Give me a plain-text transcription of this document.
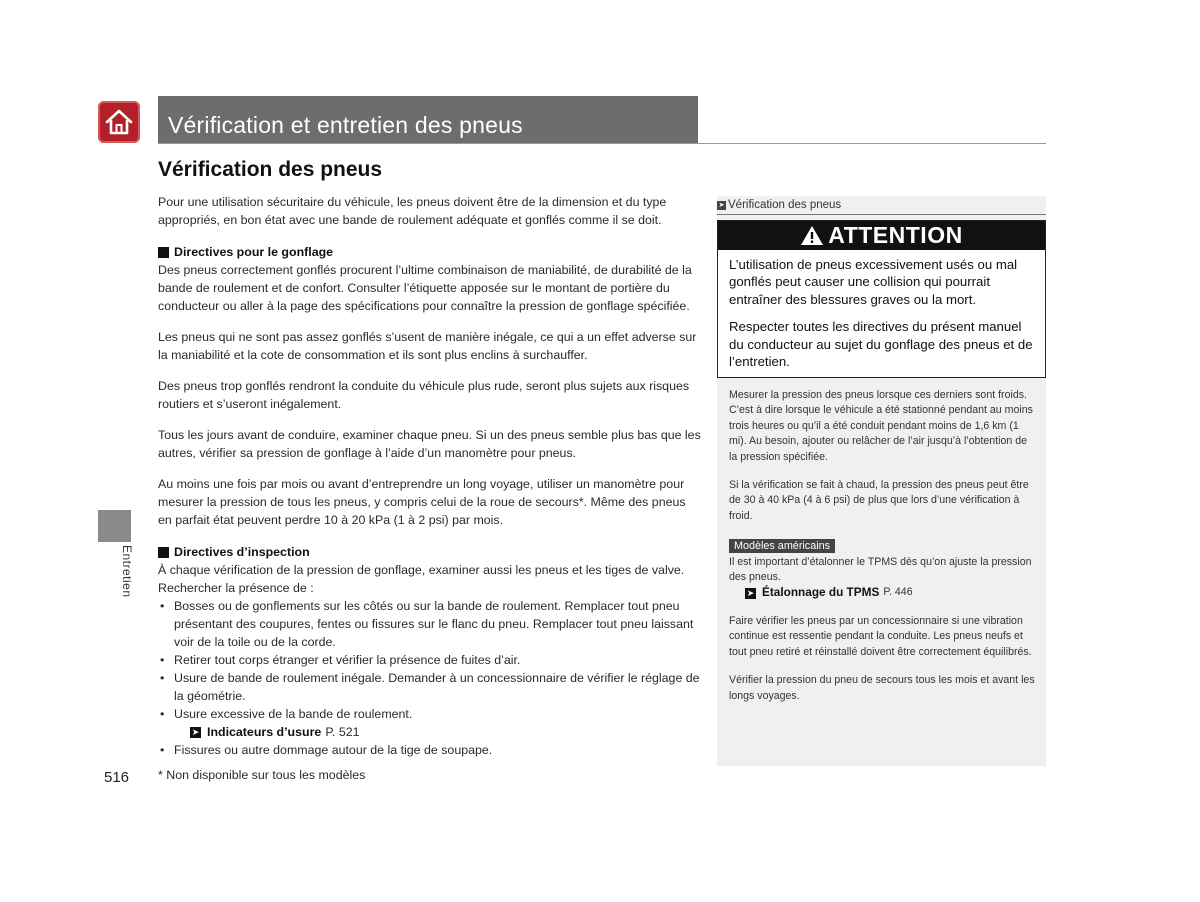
Vérification et entretien des pneus
Vérification des pneus

Pour une utilisation sécuritaire du véhicule, les pneus doivent être de la dimension et du type appropriés, en bon état avec une bande de roulement adéquate et gonflés comme il se doit.

Directives pour le gonflage

Des pneus correctement gonflés procurent l’ultime combinaison de maniabilité, de durabilité de la bande de roulement et de confort. Consulter l’étiquette apposée sur le montant de portière du conducteur ou aller à la page des spécifications pour connaître la pression de gonflage spécifiée.

Les pneus qui ne sont pas assez gonflés s’usent de manière inégale, ce qui a un effet adverse sur la maniabilité et la cote de consommation et ils sont plus enclins à surchauffer.

Des pneus trop gonflés rendront la conduite du véhicule plus rude, seront plus sujets aux risques routiers et s’useront inégalement.

Tous les jours avant de conduire, examiner chaque pneu. Si un des pneus semble plus bas que les autres, vérifier sa pression de gonflage à l’aide d’un manomètre pour pneus.

Au moins une fois par mois ou avant d’entreprendre un long voyage, utiliser un manomètre pour mesurer la pression de tous les pneus, y compris celui de la roue de secours*. Même des pneus en parfait état peuvent perdre 10 à 20 kPa (1 à 2 psi) par mois.

Directives d’inspection
À chaque vérification de la pression de gonflage, examiner aussi les pneus et les tiges de valve. Rechercher la présence de :
• Bosses ou de gonflements sur les côtés ou sur la bande de roulement. Remplacer tout pneu présentant des coupures, fentes ou fissures sur le flanc du pneu. Remplacer tout pneu laissant voir de la toile ou de la corde.
• Retirer tout corps étranger et vérifier la présence de fuites d’air.
• Usure de bande de roulement inégale. Demander à un concessionnaire de vérifier le réglage de la géométrie.
• Usure excessive de la bande de roulement.
➤ Indicateurs d’usure P. 521
• Fissures ou autre dommage autour de la tige de soupape.
Entretien
516 * Non disponible sur tous les modèles
➤ Vérification des pneus
ATTENTION

L’utilisation de pneus excessivement usés ou mal gonflés peut causer une collision qui pourrait entraîner des blessures graves ou la mort.

Respecter toutes les directives du présent manuel du conducteur au sujet du gonflage des pneus et de l’entretien.

Mesurer la pression des pneus lorsque ces derniers sont froids. C’est à dire lorsque le véhicule a été stationné pendant au moins trois heures ou qu’il a été conduit pendant moins de 1,6 km (1 mi). Au besoin, ajouter ou relâcher de l’air jusqu’à l’obtention de la pression spécifiée.

Si la vérification se fait à chaud, la pression des pneus peut être de 30 à 40 kPa (4 à 6 psi) de plus que lors d’une vérification à froid.

Modèles américains
Il est important d’étalonner le TPMS dès qu’on ajuste la pression des pneus.
➤ Étalonnage du TPMS P. 446

Faire vérifier les pneus par un concessionnaire si une vibration continue est ressentie pendant la conduite. Les pneus neufs et tout pneu retiré et réinstallé doivent être correctement équilibrés.

Vérifier la pression du pneu de secours tous les mois et avant les longs voyages.
